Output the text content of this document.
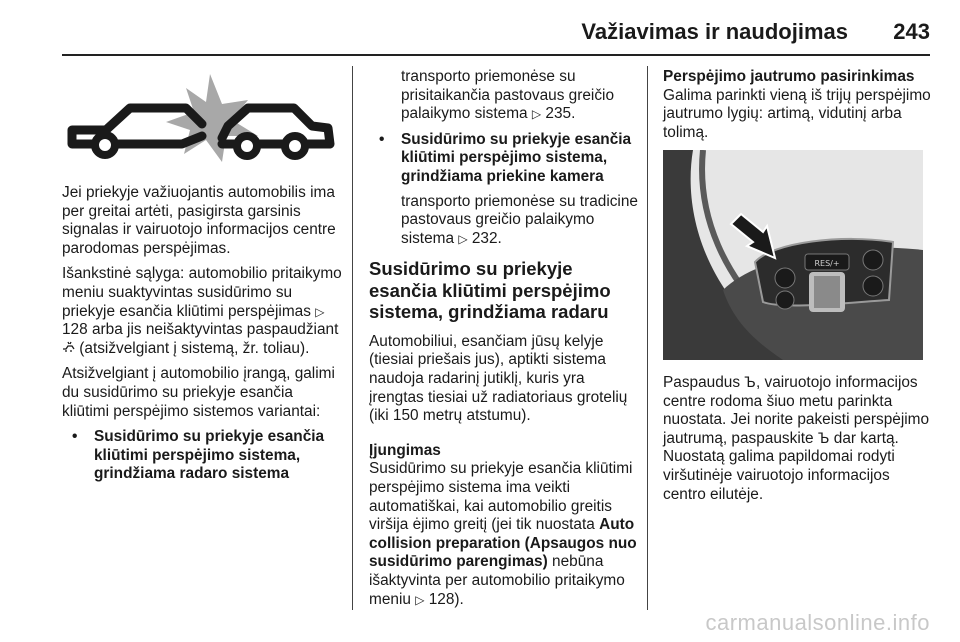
Važiavimas ir naudojimas 243

Jei priekyje važiuojantis automobilis ima per greitai artėti, pasigirsta garsinis signalas ir vairuotojo informacijos centre parodomas perspėjimas.

Išankstinė sąlyga: automobilio pritaikymo meniu suaktyvintas susidūrimo su priekyje esančia kliūtimi perspėjimas ▷ 128 arba jis neišaktyvintas paspaudžiant  (atsižvelgiant į sistemą, žr. toliau).

Atsižvelgiant į automobilio įrangą, galimi du susidūrimo su priekyje esančia kliūtimi perspėjimo sistemos variantai:

• Susidūrimo su priekyje esančia kliūtimi perspėjimo sistema, grindžiama radaro sistema

transporto priemonėse su prisitaikančia pastovaus greičio palaikymo sistema ▷ 235.

• Susidūrimo su priekyje esančia kliūtimi perspėjimo sistema, grindžiama priekine kamera

transporto priemonėse su tradicine pastovaus greičio palaikymo sistema ▷ 232.

Susidūrimo su priekyje esančia kliūtimi perspėjimo sistema, grindžiama radaru

Automobiliui, esančiam jūsų kelyje (tiesiai priešais jus), aptikti sistema naudoja radarinį jutiklį, kuris yra įrengtas tiesiai už radiatoriaus grotelių (iki 150 metrų atstumu).

Įjungimas

Susidūrimo su priekyje esančia kliūtimi perspėjimo sistema ima veikti automatiškai, kai automobilio greitis viršija ėjimo greitį (jei tik nuostata Auto collision preparation (Apsaugos nuo susidūrimo parengimas) nebūna išaktyvinta per automobilio pritaikymo meniu ▷ 128).

Perspėjimo jautrumo pasirinkimas

Galima parinkti vieną iš trijų perspėjimo jautrumo lygių: artimą, vidutinį arba tolimą.

RES/+

Paspaudus Ъ, vairuotojo informacijos centre rodoma šiuo metu parinkta nuostata. Jei norite pakeisti perspėjimo jautrumą, paspauskite Ъ dar kartą. Nuostatą galima papildomai rodyti viršutinėje vairuotojo informacijos centro eilutėje.

carmanualsonline.info
